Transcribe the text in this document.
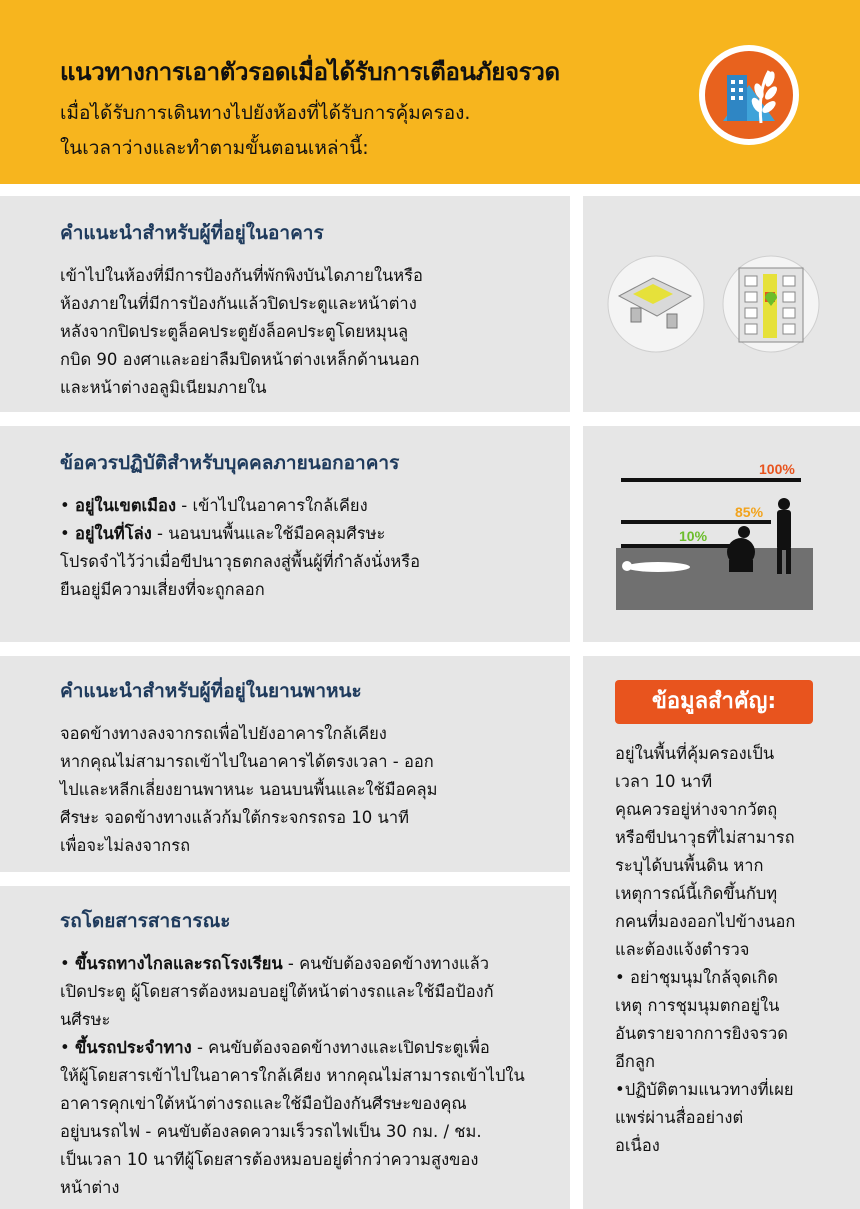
แนวทางการเอาตัวรอดเมื่อได้รับการเตือนภัยจรวด
เมื่อได้รับการเดินทางไปยังห้องที่ได้รับการคุ้มครอง.
ในเวลาว่างและทำตามขั้นตอนเหล่านี้:
คำแนะนำสำหรับผู้ที่อยู่ในอาคาร

เข้าไปในห้องที่มีการป้องกันที่พักพิงบันไดภายในหรือ
ห้องภายในที่มีการป้องกันแล้วปิดประตูและหน้าต่าง
หลังจากปิดประตูล็อคประตูยังล็อคประตูโดยหมุนลู
กบิด 90 องศาและอย่าลืมปิดหน้าต่างเหล็กด้านนอก
และหน้าต่างอลูมิเนียมภายใน

ข้อควรปฏิบัติสำหรับบุคคลภายนอกอาคาร
• อยู่ในเขตเมือง - เข้าไปในอาคารใกล้เคียง
• อยู่ในที่โล่ง - นอนบนพื้นและใช้มือคลุมศีรษะ

โปรดจำไว้ว่าเมื่อขีปนาวุธตกลงสู่พื้นผู้ที่กำลังนั่งหรือ
ยืนอยู่มีความเสี่ยงที่จะถูกลอก

100%
85%
10%
คำแนะนำสำหรับผู้ที่อยู่ในยานพาหนะ

จอดข้างทางลงจากรถเพื่อไปยังอาคารใกล้เคียง
หากคุณไม่สามารถเข้าไปในอาคารได้ตรงเวลา - ออก
ไปและหลีกเลี่ยงยานพาหนะ นอนบนพื้นและใช้มือคลุม
ศีรษะ จอดข้างทางแล้วก้มใต้กระจกรถรอ 10 นาที
เพื่อจะไม่ลงจากรถ

รถโดยสารสาธารณะ
• ขึ้นรถทางไกลและรถโรงเรียน - คนขับต้องจอดข้างทางแล้ว
เปิดประตู ผู้โดยสารต้องหมอบอยู่ใต้หน้าต่างรถและใช้มือป้องกั
นศีรษะ
• ขึ้นรถประจำทาง - คนขับต้องจอดข้างทางและเปิดประตูเพื่อ
ให้ผู้โดยสารเข้าไปในอาคารใกล้เคียง หากคุณไม่สามารถเข้าไปใน
อาคารคุกเข่าใต้หน้าต่างรถและใช้มือป้องกันศีรษะของคุณ
อยู่บนรถไฟ - คนขับต้องลดความเร็วรถไฟเป็น 30 กม. / ชม.
เป็นเวลา 10 นาทีผู้โดยสารต้องหมอบอยู่ต่ำกว่าความสูงของ
หน้าต่าง
ข้อมูลสำคัญ:

อยู่ในพื้นที่คุ้มครองเป็น
เวลา 10 นาที
คุณควรอยู่ห่างจากวัตถุ
หรือขีปนาวุธที่ไม่สามารถ
ระบุได้บนพื้นดิน หาก
เหตุการณ์นี้เกิดขึ้นกับทุ
กคนที่มองออกไปข้างนอก
และต้องแจ้งตำรวจ
• อย่าชุมนุมใกล้จุดเกิด
เหตุ การชุมนุมตกอยู่ใน
อันตรายจากการยิงจรวด
อีกลูก
•ปฏิบัติตามแนวทางที่เผย
แพร่ผ่านสื่ออย่างต่
อเนื่อง
